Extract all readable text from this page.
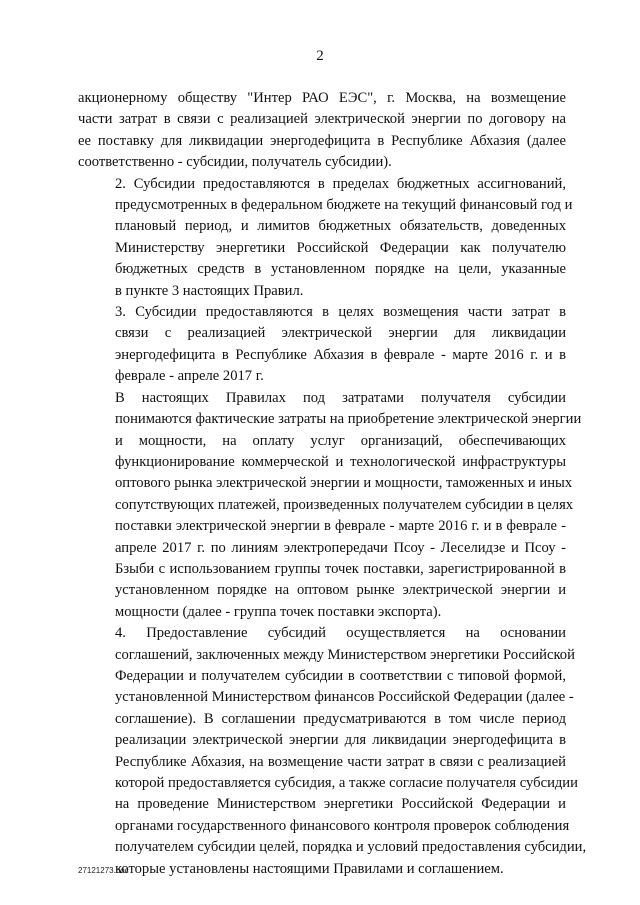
2

акционерному обществу "Интер РАО ЕЭС", г. Москва, на возмещение
части затрат в связи с реализацией электрической энергии по договору на
ее поставку для ликвидации энергодефицита в Республике Абхазия (далее
соответственно - субсидии, получатель субсидии).

2. Субсидии предоставляются в пределах бюджетных ассигнований,
предусмотренных в федеральном бюджете на текущий финансовый год и
плановый период, и лимитов бюджетных обязательств, доведенных
Министерству энергетики Российской Федерации как получателю
бюджетных средств в установленном порядке на цели, указанные
в пункте 3 настоящих Правил.

3. Субсидии предоставляются в целях возмещения части затрат в
связи с реализацией электрической энергии для ликвидации
энергодефицита в Республике Абхазия в феврале - марте 2016 г. и в
феврале - апреле 2017 г.

В настоящих Правилах под затратами получателя субсидии
понимаются фактические затраты на приобретение электрической энергии
и мощности, на оплату услуг организаций, обеспечивающих
функционирование коммерческой и технологической инфраструктуры
оптового рынка электрической энергии и мощности, таможенных и иных
сопутствующих платежей, произведенных получателем субсидии в целях
поставки электрической энергии в феврале - марте 2016 г. и в феврале -
апреле 2017 г. по линиям электропередачи Псоу - Леселидзе и Псоу -
Бзыби с использованием группы точек поставки, зарегистрированной в
установленном порядке на оптовом рынке электрической энергии и
мощности (далее - группа точек поставки экспорта).

4. Предоставление субсидий осуществляется на основании
соглашений, заключенных между Министерством энергетики Российской
Федерации и получателем субсидии в соответствии с типовой формой,
установленной Министерством финансов Российской Федерации (далее -
соглашение). В соглашении предусматриваются в том числе период
реализации электрической энергии для ликвидации энергодефицита в
Республике Абхазия, на возмещение части затрат в связи с реализацией
которой предоставляется субсидия, а также согласие получателя субсидии
на проведение Министерством энергетики Российской Федерации и
органами государственного финансового контроля проверок соблюдения
получателем субсидии целей, порядка и условий предоставления субсидии,
которые установлены настоящими Правилами и соглашением.

27121273.doc
